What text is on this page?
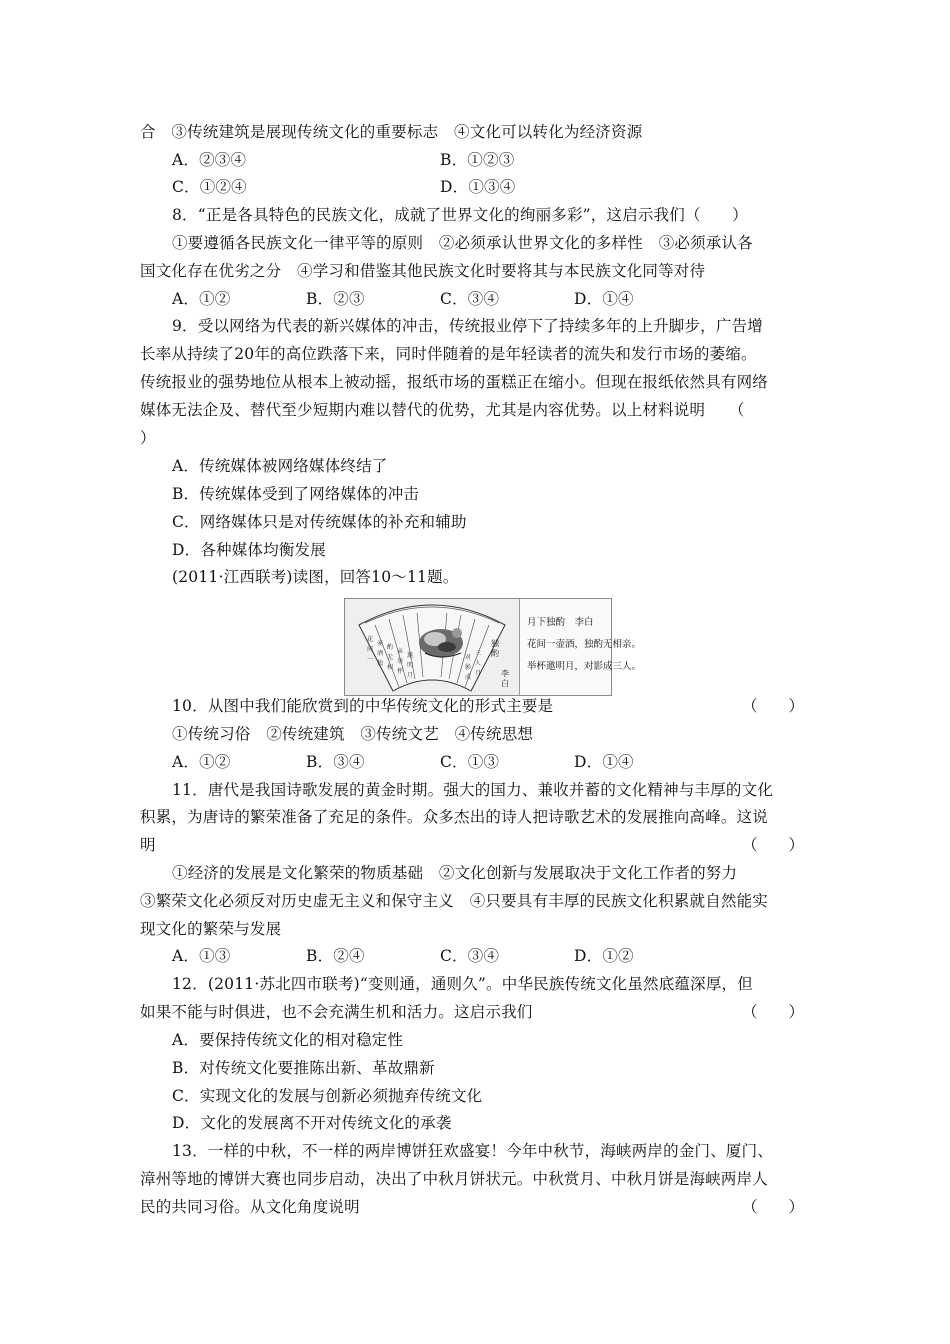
合　③传统建筑是展现传统文化的重要标志　④文化可以转化为经济资源
A．②③④	B．①②③
C．①②④	D．①③④
8．“正是各具特色的民族文化，成就了世界文化的绚丽多彩”，这启示我们（　　）
①要遵循各民族文化一律平等的原则　②必须承认世界文化的多样性　③必须承认各
国文化存在优劣之分　④学习和借鉴其他民族文化时要将其与本民族文化同等对待
A．①②	B．②③	C．③④	D．①④
9．受以网络为代表的新兴媒体的冲击，传统报业停下了持续多年的上升脚步，广告增
长率从持续了20年的高位跌落下来，同时伴随着的是年轻读者的流失和发行市场的萎缩。
传统报业的强势地位从根本上被动摇，报纸市场的蛋糕正在缩小。但现在报纸依然具有网络
媒体无法企及、替代至少短期内难以替代的优势，尤其是内容优势。以上材料说明　　（
）
A．传统媒体被网络媒体终结了
B．传统媒体受到了网络媒体的冲击
C．网络媒体只是对传统媒体的补充和辅助
D．各种媒体均衡发展
(2011·江西联考)读图，回答10～11题。
花
间
一
壶
酒
独
酌
无
相
亲
举
杯
邀
明
月
对
影
成
三
人
月
独酌
李白
月下独酌　李白
花间一壶酒，独酌无相亲。
举杯邀明月，对影成三人。
10．从图中我们能欣赏到的中华传统文化的形式主要是	（　　）
①传统习俗　②传统建筑　③传统文艺　④传统思想
A．①②	B．③④	C．①③	D．①④
11．唐代是我国诗歌发展的黄金时期。强大的国力、兼收并蓄的文化精神与丰厚的文化
积累，为唐诗的繁荣准备了充足的条件。众多杰出的诗人把诗歌艺术的发展推向高峰。这说
明	（　　）
①经济的发展是文化繁荣的物质基础　②文化创新与发展取决于文化工作者的努力
③繁荣文化必须反对历史虚无主义和保守主义　④只要具有丰厚的民族文化积累就自然能实
现文化的繁荣与发展
A．①③	B．②④	C．③④	D．①②
12．(2011·苏北四市联考)“变则通，通则久”。中华民族传统文化虽然底蕴深厚，但
如果不能与时俱进，也不会充满生机和活力。这启示我们	（　　）
A．要保持传统文化的相对稳定性
B．对传统文化要推陈出新、革故鼎新
C．实现文化的发展与创新必须抛弃传统文化
D．文化的发展离不开对传统文化的承袭
13．一样的中秋，不一样的两岸博饼狂欢盛宴！今年中秋节，海峡两岸的金门、厦门、
漳州等地的博饼大赛也同步启动，决出了中秋月饼状元。中秋赏月、中秋月饼是海峡两岸人
民的共同习俗。从文化角度说明	（　　）
